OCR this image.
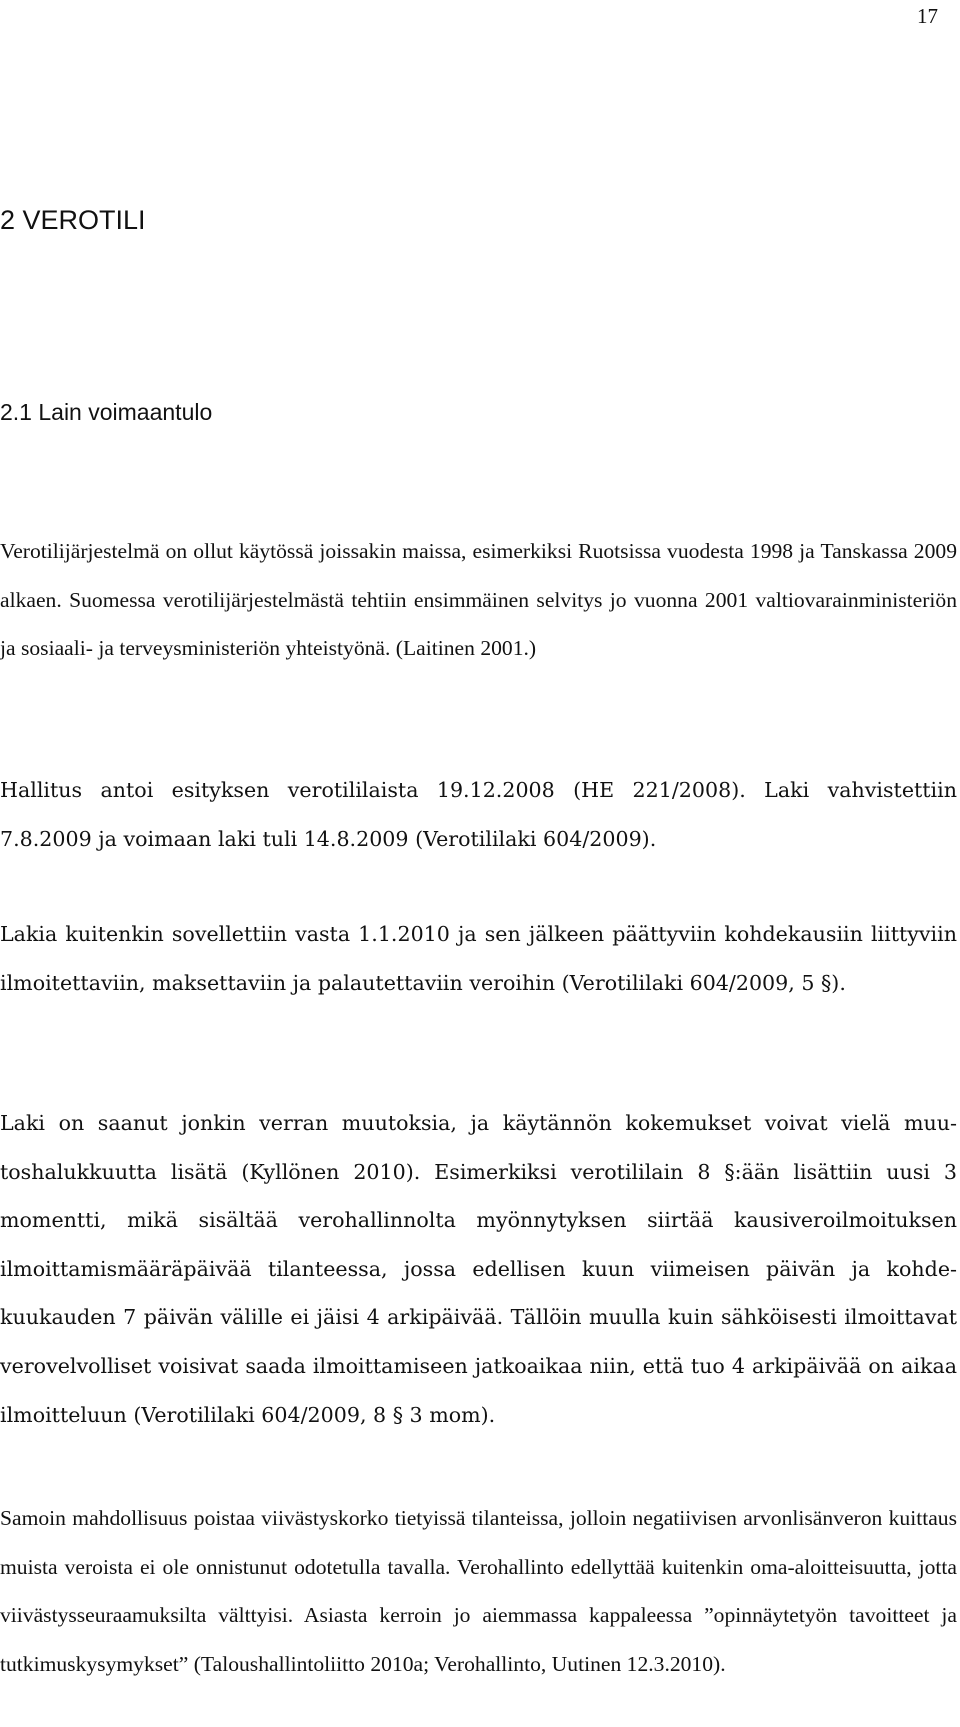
17
2 VEROTILI
2.1 Lain voimaantulo

Verotilijärjestelmä on ollut käytössä joissakin maissa, esimerkiksi Ruotsissa vuodesta 1998 ja Tanskassa 2009 alkaen. Suomessa verotilijärjestelmästä tehtiin ensimmäinen selvitys jo vuonna 2001 valtiovarainministeriön ja sosiaali- ja terveysministeriön yhteistyönä. (Laitinen 2001.)

Hallitus antoi esityksen verotililaista 19.12.2008 (HE 221/2008). Laki vahvistettiin 7.8.2009 ja voimaan laki tuli 14.8.2009 (Verotililaki 604/2009).

Lakia kuitenkin sovellettiin vasta 1.1.2010 ja sen jälkeen päättyviin kohdekausiin liittyviin ilmoitettaviin, maksettaviin ja palautettaviin veroihin (Verotililaki 604/2009, 5 §).

Laki on saanut jonkin verran muutoksia, ja käytännön kokemukset voivat vielä muutoshalukkuutta lisätä (Kyllönen 2010). Esimerkiksi verotililain 8 §:ään lisättiin uusi 3 momentti, mikä sisältää verohallinnolta myönnytyksen siirtää kausiveroilmoituksen ilmoittamismääräpäivää tilanteessa, jossa edellisen kuun viimeisen päivän ja kohdekuukauden 7 päivän välille ei jäisi 4 arkipäivää. Tällöin muulla kuin sähköisesti ilmoittavat verovelvolliset voisivat saada ilmoittamiseen jatkoaikaa niin, että tuo 4 arkipäivää on aikaa ilmoitteluun (Verotililaki 604/2009, 8 § 3 mom).

Samoin mahdollisuus poistaa viivästyskorko tietyissä tilanteissa, jolloin negatiivisen arvonlisänveron kuittaus muista veroista ei ole onnistunut odotetulla tavalla. Verohallinto edellyttää kuitenkin oma-aloitteisuutta, jotta viivästysseuraamuksilta välttyisi. Asiasta kerroin jo aiemmassa kappaleessa ”opinnäytetyön tavoitteet ja tutkimuskysymykset” (Taloushallintoliitto 2010a; Verohallinto, Uutinen 12.3.2010).
